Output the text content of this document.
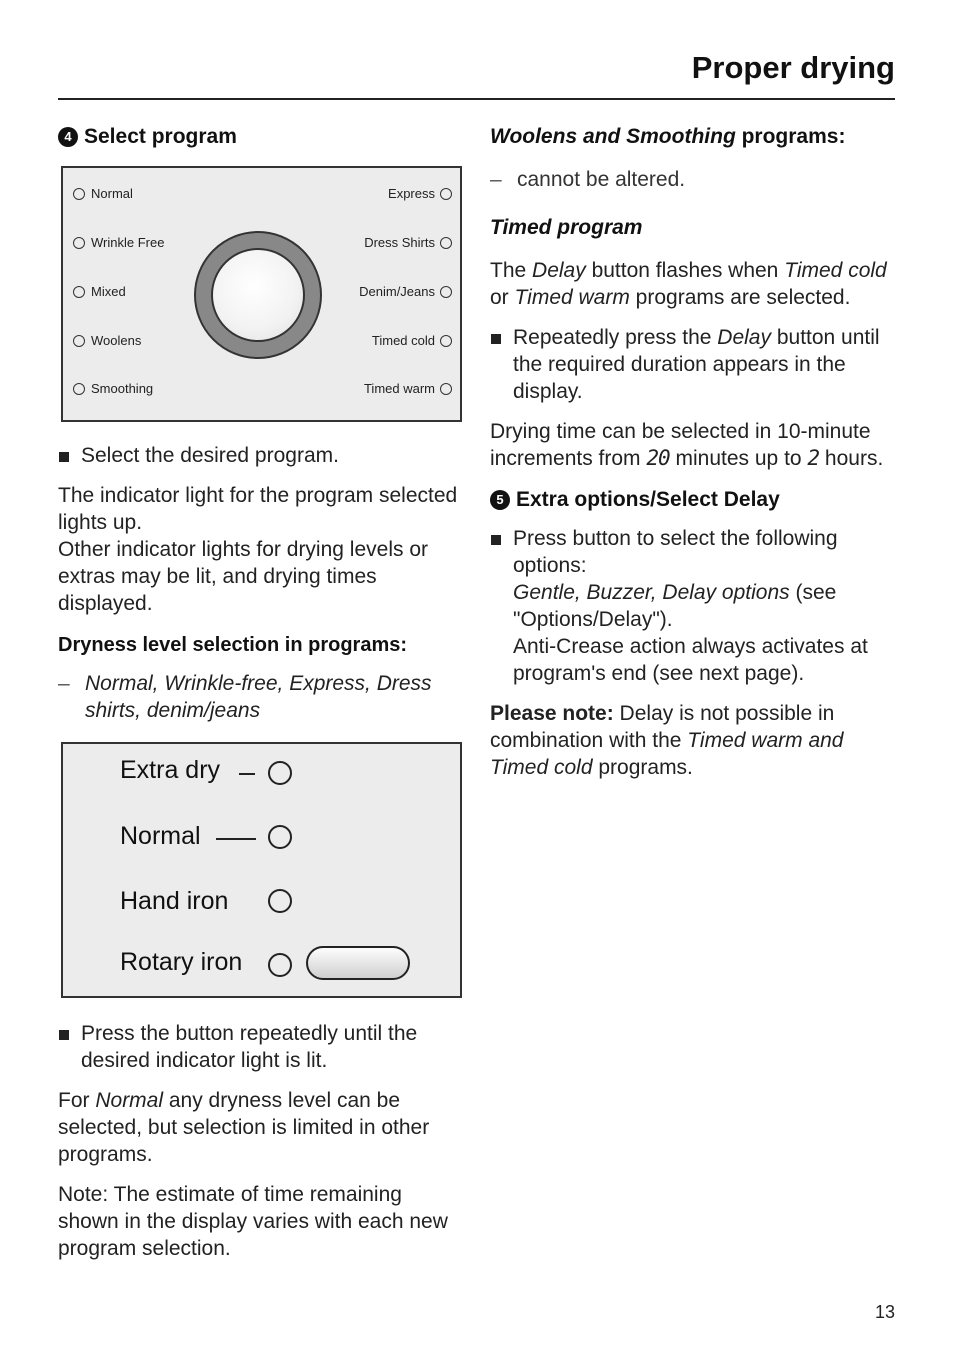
Proper drying
4 Select program
Normal
Wrinkle Free
Mixed
Woolens
Smoothing
Express
Dress Shirts
Denim/Jeans
Timed cold
Timed warm
Select the desired program.

The indicator light for the program selected lights up.
Other indicator lights for drying levels or extras may be lit, and drying times displayed.

Dryness level selection in programs:
– Normal, Wrinkle-free, Express, Dress shirts, denim/jeans
Extra dry
Normal
Hand iron
Rotary iron
Press the button repeatedly until the desired indicator light is lit.

For Normal any dryness level can be selected, but selection is limited in other programs.

Note: The estimate of time remaining shown in the display varies with each new program selection.

Woolens and Smoothing programs:
– cannot be altered.
Timed program

The Delay button flashes when Timed cold or Timed warm programs are selected.

Repeatedly press the Delay button until the required duration appears in the display.

Drying time can be selected in 10-minute increments from 20 minutes up to 2 hours.

5 Extra options/Select Delay
Press button to select the following options:
Gentle, Buzzer, Delay options (see "Options/Delay").
Anti-Crease action always activates at program's end (see next page).

Please note: Delay is not possible in combination with the Timed warm and Timed cold programs.

13
